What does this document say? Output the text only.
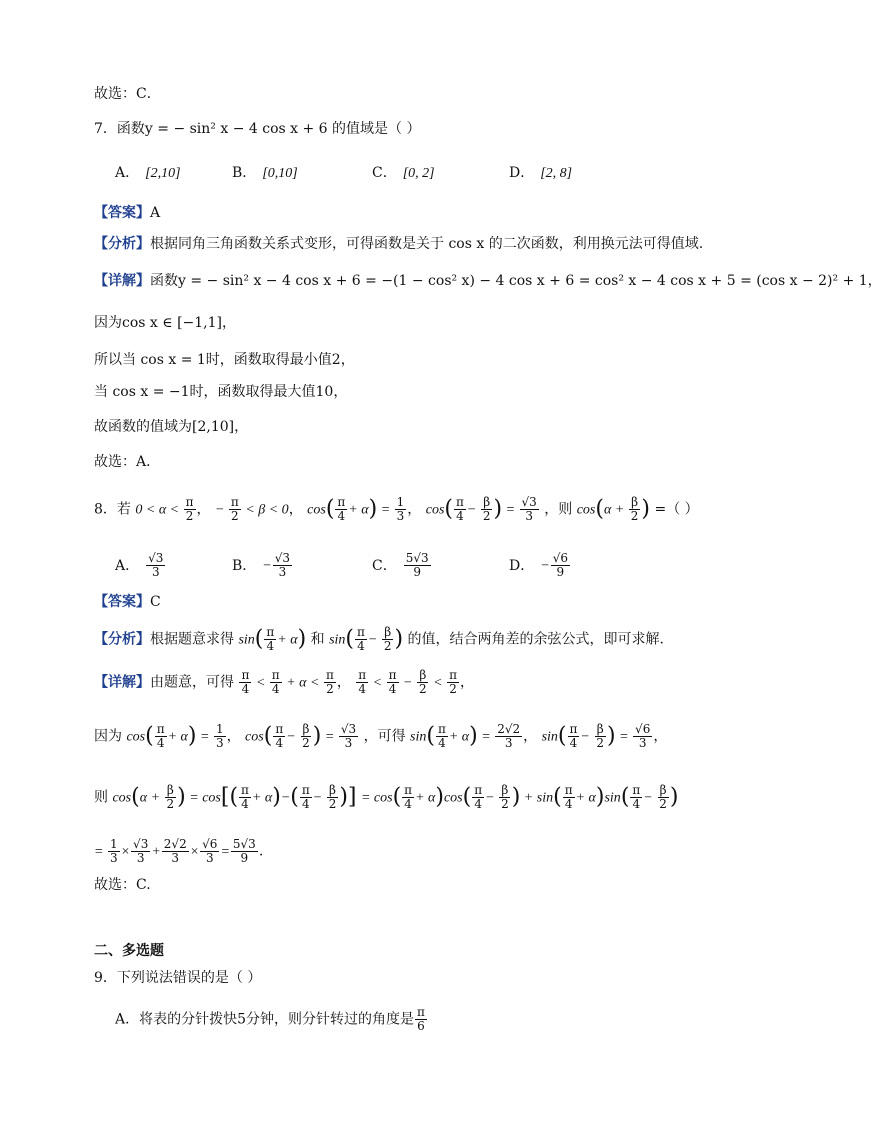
故选：C．
7．函数y = − sin² x − 4 cos x + 6 的值域是（ ）
A． [2,10]	B． [0,10]	C． [0, 2]	D． [2, 8]
【答案】A
【分析】根据同角三角函数关系式变形，可得函数是关于 cos x 的二次函数，利用换元法可得值域.
【详解】函数y = − sin² x − 4 cos x + 6 = −(1 − cos² x) − 4 cos x + 6 = cos² x − 4 cos x + 5 = (cos x − 2)² + 1，
因为cos x ∈ [−1,1]，
所以当 cos x = 1时，函数取得最小值2，
当 cos x = −1时，函数取得最大值10，
故函数的值域为[2,10]，
故选：A．
8．若 $0 < \alpha < \frac{\pi}{2}$ ， − $\frac{\pi}{2} < \beta < 0$， $\cos( \frac{\pi}{4} + \alpha) = \frac{1}{3}$ ， $\cos( \frac{\pi}{4} - \frac{\beta}{2}$ ) = $\frac{√3}{3}$ ，则 $\cos(\alpha + \frac{\beta}{2}$ ) =（ ）
A． $\frac{√3}{3}$	B． − $\frac{√3}{3}$	C． $\frac{5√3}{9}$	D． − $\frac{√6}{9}$
【答案】C
【分析】根据题意求得 $\sin( \frac{\pi}{4} + \alpha)$ 和 $\sin( \frac{\pi}{4} - \frac{\beta}{2}$ ) 的值，结合两角差的余弦公式，即可求解.
【详解】由题意，可得 $\frac{\pi}{4} < \frac{\pi}{4} + \alpha < \frac{\pi}{2}$ ， $\frac{\pi}{4} < \frac{\pi}{4} - \frac{\beta}{2} < \frac{\pi}{2}$ ，
因为 $\cos( \frac{\pi}{4} + \alpha) = \frac{1}{3}$ ， $\cos( \frac{\pi}{4} - \frac{\beta}{2}$ ) = $\frac{√3}{3}$ ，可得 $\sin( \frac{\pi}{4} + \alpha) = \frac{2√2}{3}$ ， $\sin( \frac{\pi}{4} - \frac{\beta}{2}$ ) = $\frac{√6}{3}$ ，
则 $\cos(\alpha + \frac{\beta}{2}$ ) = $\cos[( \frac{\pi}{4} + \alpha)-( \frac{\pi}{4} - \frac{\beta}{2}$ )] = $\cos( \frac{\pi}{4} + \alpha)\cos( \frac{\pi}{4} - \frac{\beta}{2}$ ) + $\sin( \frac{\pi}{4} + \alpha)\sin( \frac{\pi}{4} - \frac{\beta}{2}$ )
= $\frac{1}{3} \times \frac{√3}{3} + \frac{2√2}{3} \times \frac{√6}{3} = \frac{5√3}{9}$ .
故选：C.
二、多选题
9．下列说法错误的是（ ）
A．将表的分针拨快5分钟，则分针转过的角度是 $\frac{\pi}{6}$
